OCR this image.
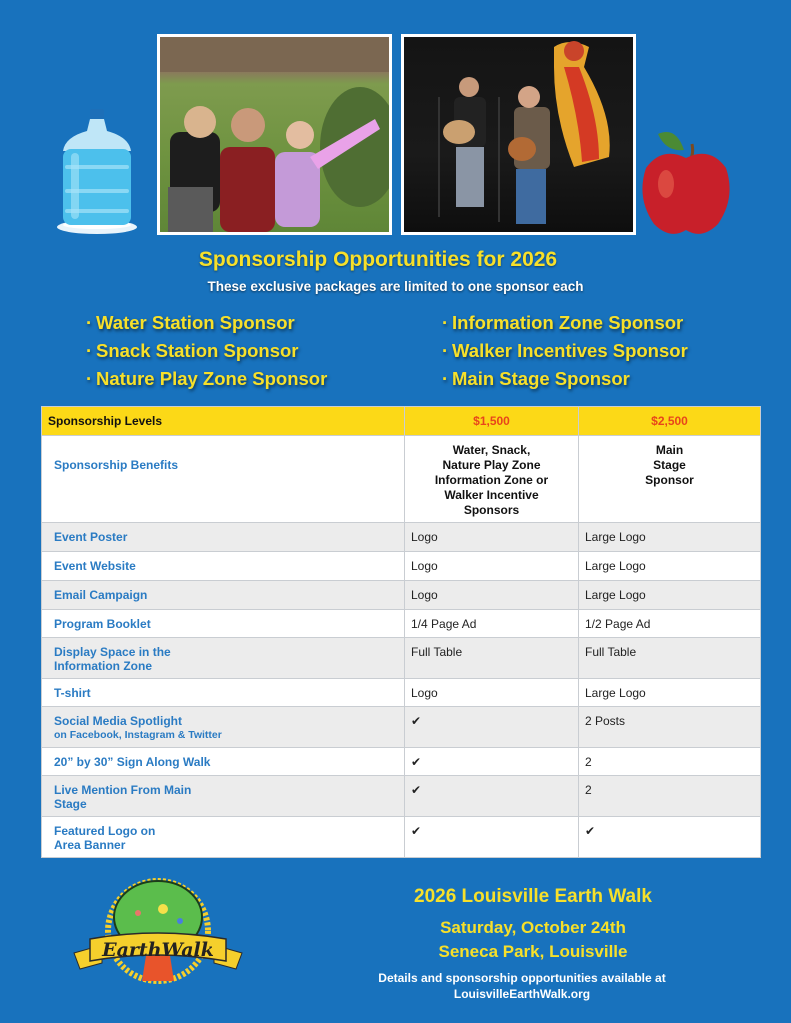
Sponsorship Opportunities for 2026
These exclusive packages are limited to one sponsor each
· Water Station Sponsor
· Snack Station Sponsor
· Nature Play Zone Sponsor
· Information Zone Sponsor
· Walker Incentives Sponsor
· Main Stage Sponsor
Sponsorship Levels	$1,500	$2,500
Sponsorship Benefits	Water, Snack,
Nature Play Zone
Information Zone or
Walker Incentive
Sponsors	Main
Stage
Sponsor

Event Poster	Logo	Large Logo

Event Website	Logo	Large Logo

Email Campaign	Logo	Large Logo

Program Booklet	1/4 Page Ad	1/2 Page Ad

Display Space in the
Information Zone	Full Table	Full Table

T-shirt	Logo	Large Logo

Social Media Spotlight
on Facebook, Instagram & Twitter	✔	2 Posts

20” by 30” Sign Along Walk	✔	2

Live Mention From Main
Stage	✔	2

Featured Logo on
Area Banner	✔	✔
EarthWalk
2026 Louisville Earth Walk
Saturday, October 24th
Seneca Park, Louisville
Details and sponsorship opportunities available at
LouisvilleEarthWalk.org
